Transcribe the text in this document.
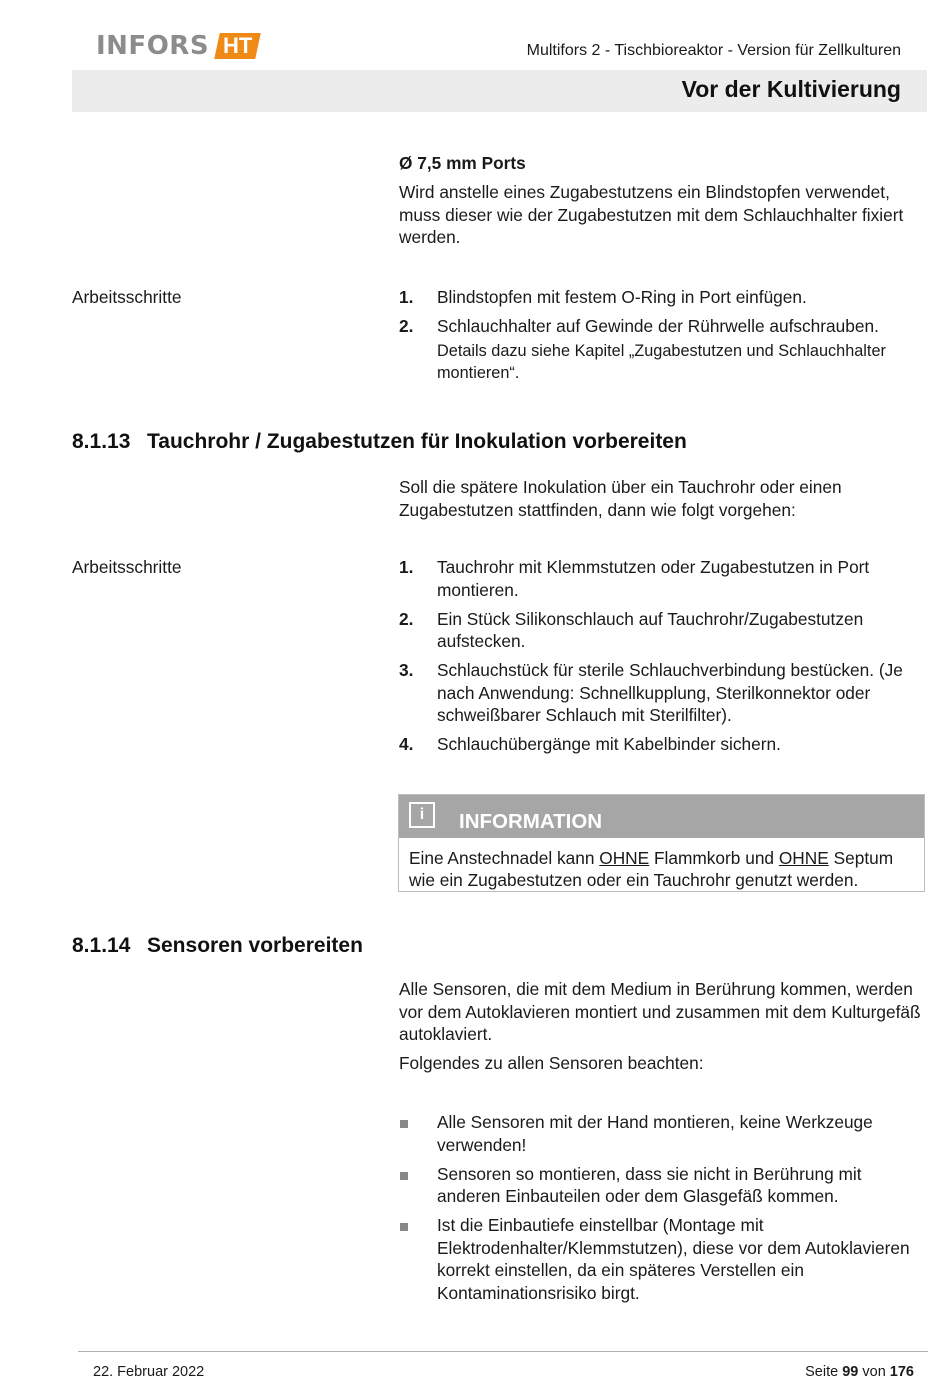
INFORS HT	Multifors 2 - Tischbioreaktor - Version für Zellkulturen
Vor der Kultivierung
Ø 7,5 mm Ports
Wird anstelle eines Zugabestutzens ein Blindstopfen verwendet, muss dieser wie der Zugabestutzen mit dem Schlauchhalter fixiert werden.
Arbeitsschritte	1.	Blindstopfen mit festem O-Ring in Port einfügen.
2.	Schlauchhalter auf Gewinde der Rührwelle aufschrauben.
Details dazu siehe Kapitel „Zugabestutzen und Schlauchhalter montieren“.
8.1.13 Tauchrohr / Zugabestutzen für Inokulation vorbereiten
Soll die spätere Inokulation über ein Tauchrohr oder einen Zugabestutzen stattfinden, dann wie folgt vorgehen:
Arbeitsschritte	1.	Tauchrohr mit Klemmstutzen oder Zugabestutzen in Port montieren.
2.	Ein Stück Silikonschlauch auf Tauchrohr/Zugabestutzen aufstecken.
3.	Schlauchstück für sterile Schlauchverbindung bestücken. (Je nach Anwendung: Schnellkupplung, Sterilkonnektor oder schweißbarer Schlauch mit Sterilfilter).
4.	Schlauchübergänge mit Kabelbinder sichern.
i	INFORMATION
Eine Anstechnadel kann OHNE Flammkorb und OHNE Septum wie ein Zugabestutzen oder ein Tauchrohr genutzt werden.
8.1.14 Sensoren vorbereiten
Alle Sensoren, die mit dem Medium in Berührung kommen, werden vor dem Autoklavieren montiert und zusammen mit dem Kulturgefäß autoklaviert.
Folgendes zu allen Sensoren beachten:
Alle Sensoren mit der Hand montieren, keine Werkzeuge verwenden!
Sensoren so montieren, dass sie nicht in Berührung mit anderen Einbauteilen oder dem Glasgefäß kommen.
Ist die Einbautiefe einstellbar (Montage mit Elektrodenhalter/Klemmstutzen), diese vor dem Autoklavieren korrekt einstellen, da ein späteres Verstellen ein Kontaminationsrisiko birgt.
22. Februar 2022	Seite 99 von 176
